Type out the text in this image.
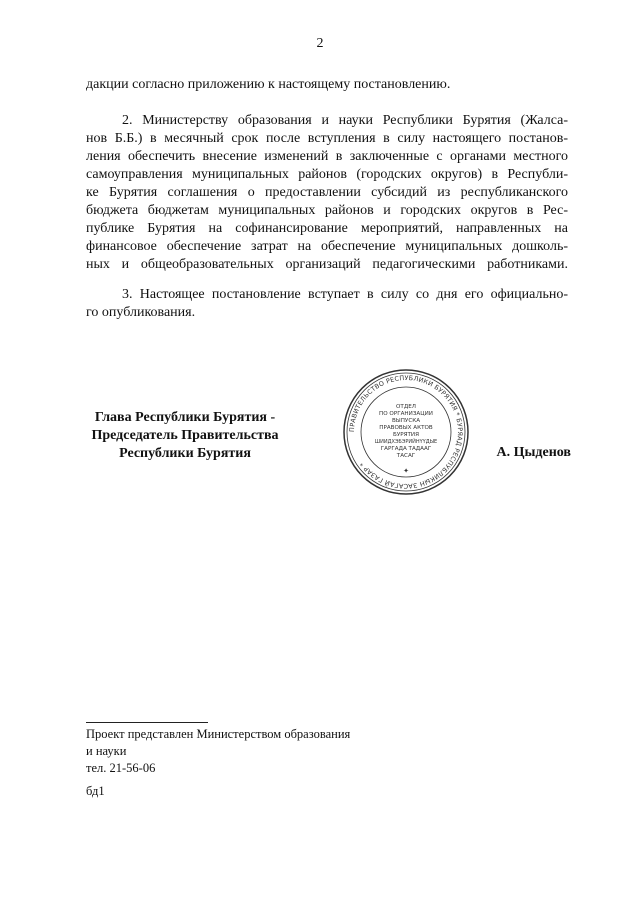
2
дакции согласно приложению к настоящему постановлению.
2. Министерству образования и науки Республики Бурятия (Жалса-
нов Б.Б.) в месячный срок после вступления в силу настоящего постанов-
ления обеспечить внесение изменений в заключенные с органами местного
самоуправления муниципальных районов (городских округов) в Республи-
ке Бурятия соглашения о предоставлении субсидий из республиканского
бюджета бюджетам муниципальных районов и городских округов в Рес-
публике Бурятия на софинансирование мероприятий, направленных на
финансовое обеспечение затрат на обеспечение муниципальных дошколь-
ных и общеобразовательных организаций педагогическими работниками.
3. Настоящее постановление вступает в силу со дня его официально-
го опубликования.
Глава Республики Бурятия -
Председатель Правительства
Республики Бурятия
ПРАВИТЕЛЬСТВО РЕСПУБЛИКИ БУРЯТИЯ * БУРЯАД РЕСПУБЛИКЫН ЗАСАГАЙ ГАЗАР *
ОТДЕЛ
ПО ОРГАНИЗАЦИИ
ВЫПУСКА
ПРАВОВЫХ АКТОВ
БУРЯТИЯ
ШИИДХЭБЭРИЙНҮҮДЫЕ
ГАРГАДА ТАДААГ
ТАСАГ
✦
А. Цыденов
Проект представлен Министерством образования
и науки
тел. 21-56-06
бд1
